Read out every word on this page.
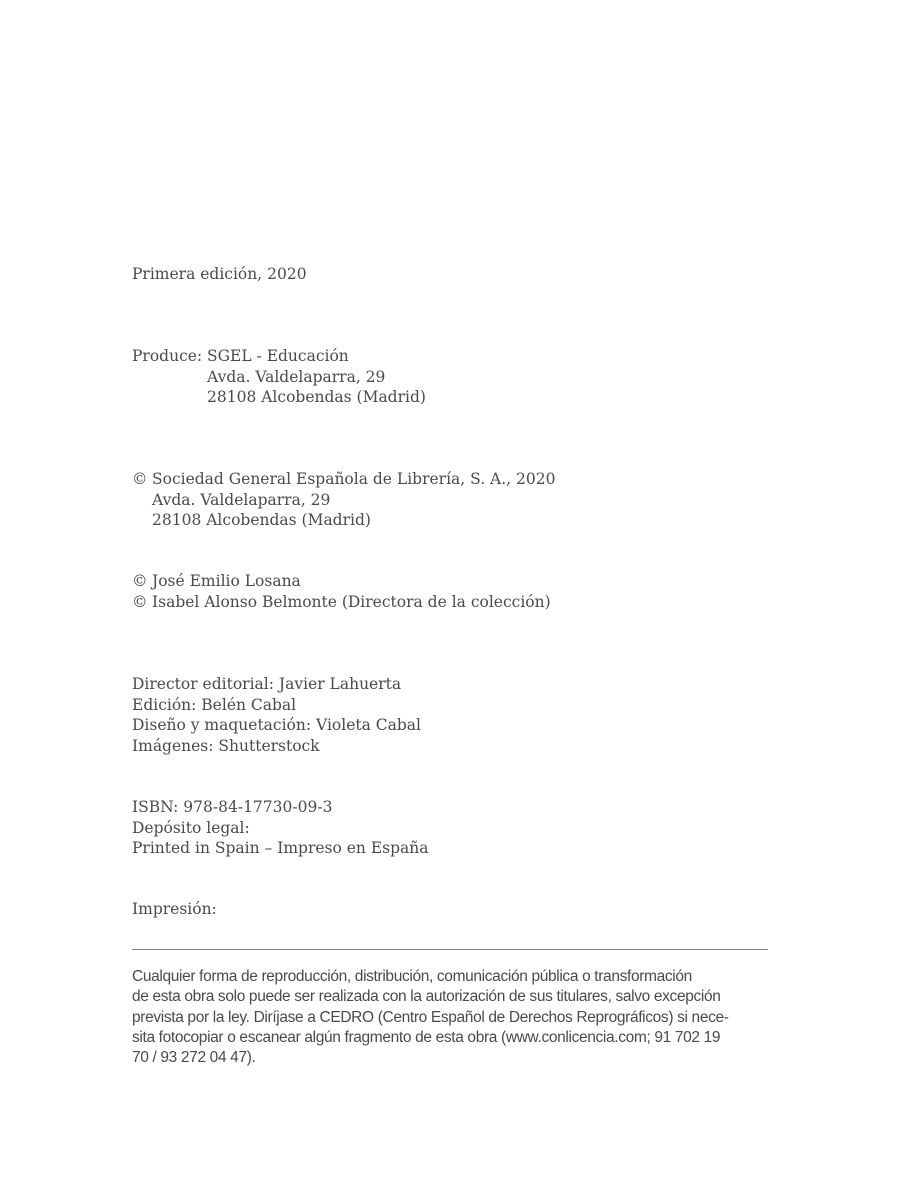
Primera edición, 2020
Produce: SGEL - Educación
Avda. Valdelaparra, 29
28108 Alcobendas (Madrid)
© Sociedad General Española de Librería, S. A., 2020
Avda. Valdelaparra, 29
28108 Alcobendas (Madrid)
© José Emilio Losana
© Isabel Alonso Belmonte (Directora de la colección)
Director editorial: Javier Lahuerta
Edición: Belén Cabal
Diseño y maquetación: Violeta Cabal
Imágenes: Shutterstock
ISBN: 978-84-17730-09-3
Depósito legal:
Printed in Spain – Impreso en España
Impresión:
Cualquier forma de reproducción, distribución, comunicación pública o transformación
de esta obra solo puede ser realizada con la autorización de sus titulares, salvo excepción
prevista por la ley. Diríjase a CEDRO (Centro Español de Derechos Reprográficos) si nece-
sita fotocopiar o escanear algún fragmento de esta obra (www.conlicencia.com; 91 702 19
70 / 93 272 04 47).
